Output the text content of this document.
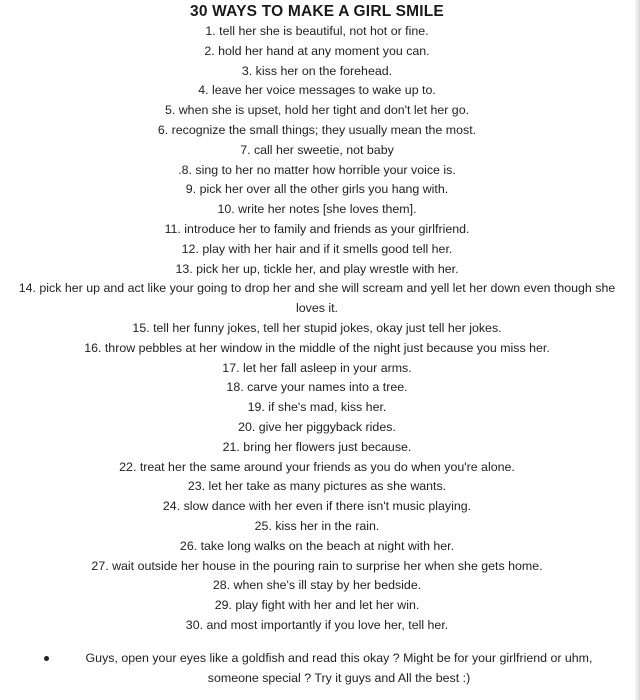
30 WAYS TO MAKE A GIRL SMILE
1. tell her she is beautiful, not hot or fine.
2. hold her hand at any moment you can.
3. kiss her on the forehead.
4. leave her voice messages to wake up to.
5. when she is upset, hold her tight and don't let her go.
6. recognize the small things; they usually mean the most.
7. call her sweetie, not baby
.8. sing to her no matter how horrible your voice is.
9. pick her over all the other girls you hang with.
10. write her notes [she loves them].
11. introduce her to family and friends as your girlfriend.
12. play with her hair and if it smells good tell her.
13. pick her up, tickle her, and play wrestle with her.
14. pick her up and act like your going to drop her and she will scream and yell let her down even though she loves it.
15. tell her funny jokes, tell her stupid jokes, okay just tell her jokes.
16. throw pebbles at her window in the middle of the night just because you miss her.
17. let her fall asleep in your arms.
18. carve your names into a tree.
19. if she's mad, kiss her.
20. give her piggyback rides.
21. bring her flowers just because.
22. treat her the same around your friends as you do when you're alone.
23. let her take as many pictures as she wants.
24. slow dance with her even if there isn't music playing.
25. kiss her in the rain.
26. take long walks on the beach at night with her.
27. wait outside her house in the pouring rain to surprise her when she gets home.
28. when she's ill stay by her bedside.
29. play fight with her and let her win.
30. and most importantly if you love her, tell her.
Guys, open your eyes like a goldfish and read this okay ? Might be for your girlfriend or uhm, someone special ? Try it guys and All the best :)
